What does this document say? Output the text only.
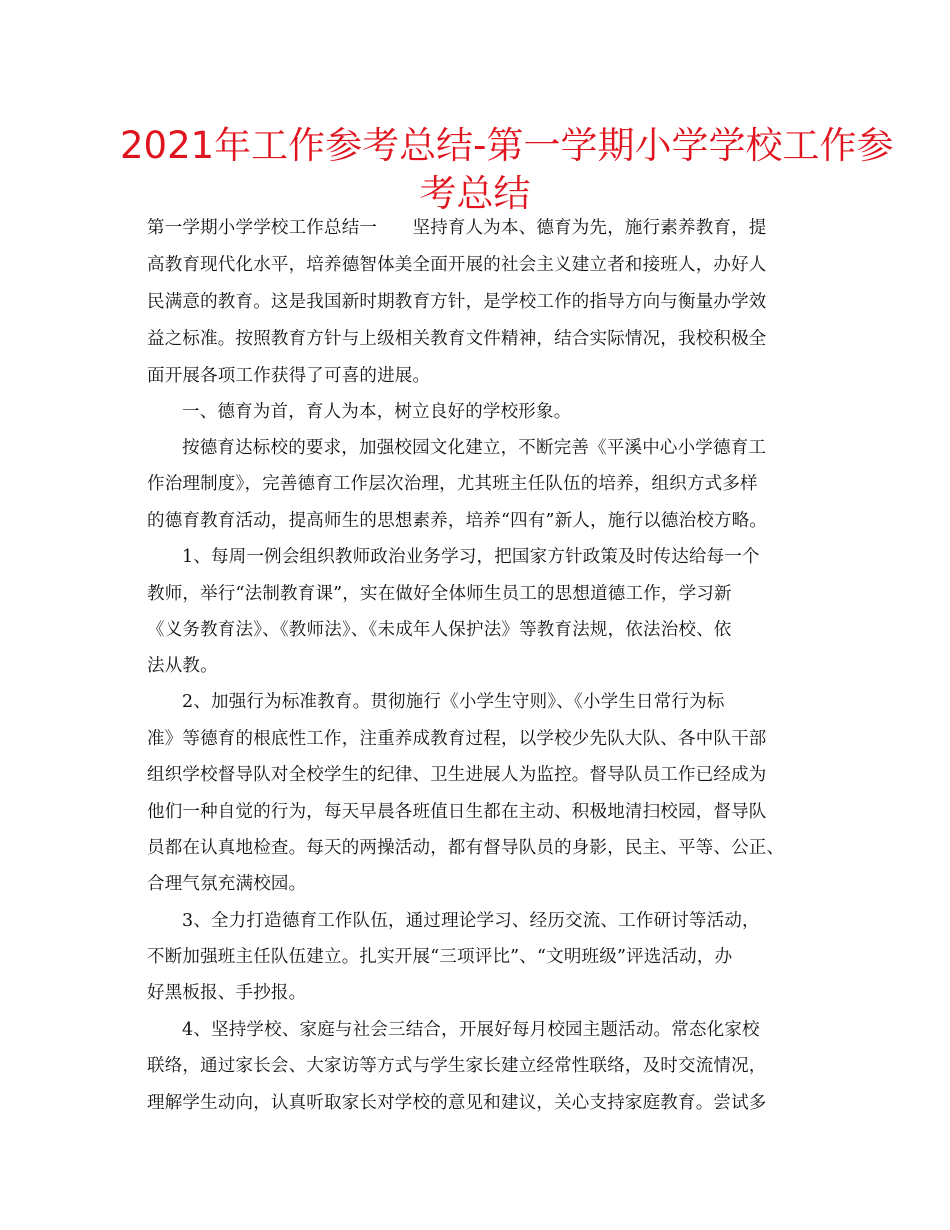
2021年工作参考总结-第一学期小学学校工作参
考总结
第一学期小学学校工作总结一　　坚持育人为本、德育为先，施行素养教育，提
高教育现代化水平，培养德智体美全面开展的社会主义建立者和接班人，办好人
民满意的教育。这是我国新时期教育方针，是学校工作的指导方向与衡量办学效
益之标准。按照教育方针与上级相关教育文件精神，结合实际情况，我校积极全
面开展各项工作获得了可喜的进展。
一、德育为首，育人为本，树立良好的学校形象。
按德育达标校的要求，加强校园文化建立，不断完善《平溪中心小学德育工
作治理制度》，完善德育工作层次治理，尤其班主任队伍的培养，组织方式多样
的德育教育活动，提高师生的思想素养，培养“四有”新人，施行以德治校方略。
1、每周一例会组织教师政治业务学习，把国家方针政策及时传达给每一个
教师，举行“法制教育课”，实在做好全体师生员工的思想道德工作，学习新
《义务教育法》、《教师法》、《未成年人保护法》等教育法规，依法治校、依
法从教。
2、加强行为标准教育。贯彻施行《小学生守则》、《小学生日常行为标
准》等德育的根底性工作，注重养成教育过程，以学校少先队大队、各中队干部
组织学校督导队对全校学生的纪律、卫生进展人为监控。督导队员工作已经成为
他们一种自觉的行为，每天早晨各班值日生都在主动、积极地清扫校园，督导队
员都在认真地检查。每天的两操活动，都有督导队员的身影，民主、平等、公正、
合理气氛充满校园。
3、全力打造德育工作队伍，通过理论学习、经历交流、工作研讨等活动，
不断加强班主任队伍建立。扎实开展“三项评比”、“文明班级”评选活动，办
好黑板报、手抄报。
4、坚持学校、家庭与社会三结合，开展好每月校园主题活动。常态化家校
联络，通过家长会、大家访等方式与学生家长建立经常性联络，及时交流情况，
理解学生动向，认真听取家长对学校的意见和建议，关心支持家庭教育。尝试多
